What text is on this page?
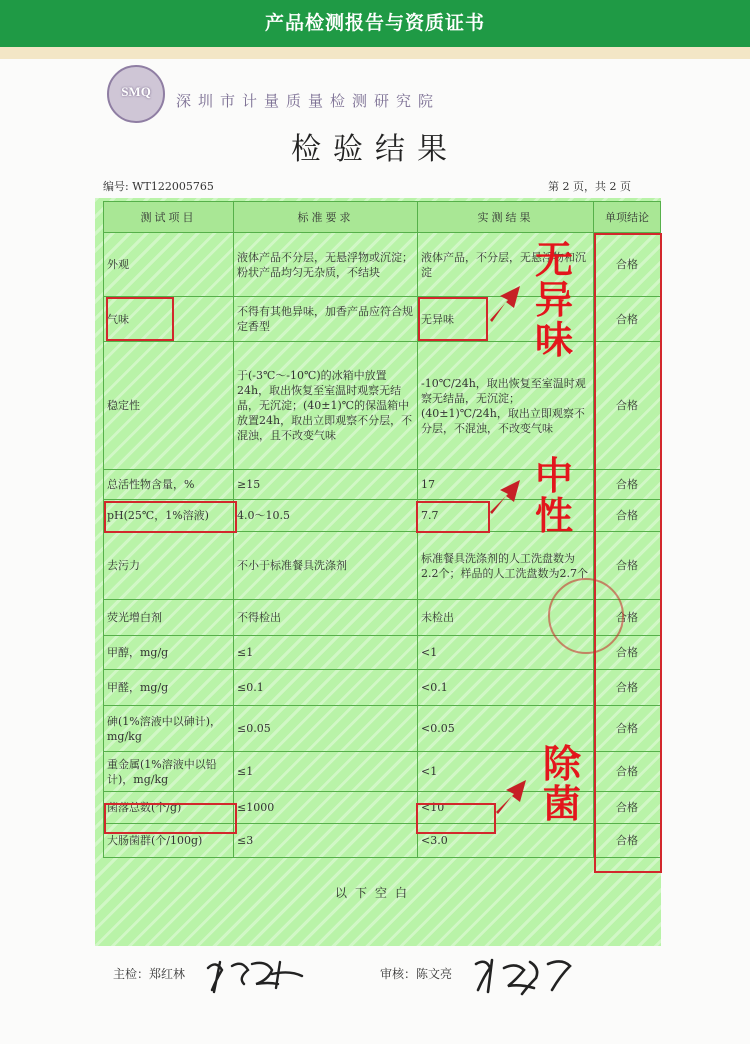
产品检测报告与资质证书
SMQ
深圳市计量质量检测研究院
检验结果
编号: WT122005765	第 2 页，共 2 页
测试项目	标准要求	实测结果	单项结论
外观	液体产品不分层，无悬浮物或沉淀；粉状产品均匀无杂质，不结块	液体产品，不分层，无悬浮物和沉淀	合格
气味	不得有其他异味，加香产品应符合规定香型	无异味	合格
稳定性	于(-3℃～-10℃)的冰箱中放置24h，取出恢复至室温时观察无结晶，无沉淀；(40±1)℃的保温箱中放置24h，取出立即观察不分层，不混浊，且不改变气味	-10℃/24h，取出恢复至室温时观察无结晶，无沉淀；(40±1)℃/24h，取出立即观察不分层，不混浊，不改变气味	合格
总活性物含量，%	≥15	17	合格
pH(25℃，1%溶液)	4.0～10.5	7.7	合格
去污力	不小于标准餐具洗涤剂	标准餐具洗涤剂的人工洗盘数为2.2个；样品的人工洗盘数为2.7个	合格
荧光增白剂	不得检出	未检出	合格
甲醇，mg/g	≤1	<1	合格
甲醛，mg/g	≤0.1	<0.1	合格
砷(1%溶液中以砷计)，mg/kg	≤0.05	<0.05	合格
重金属(1%溶液中以铅计)，mg/kg	≤1	<1	合格
菌落总数(个/g)	≤1000	<10	合格
大肠菌群(个/100g)	≤3	<3.0	合格
以下空白
主检：郑红林	审核：陈文亮
无异味
中性
除菌
